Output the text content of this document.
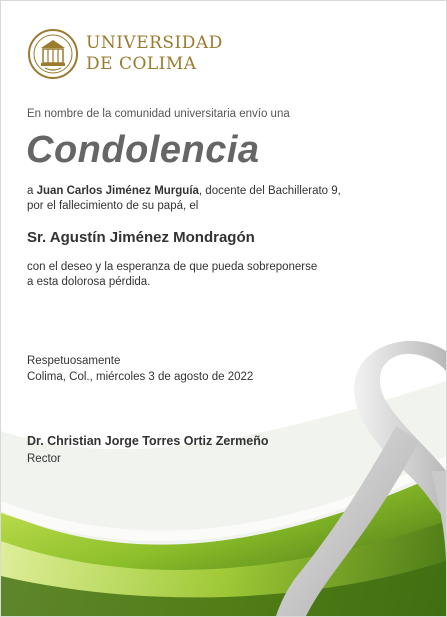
UNIVERSIDAD
DE COLIMA

En nombre de la comunidad universitaria envío una

Condolencia

a Juan Carlos Jiménez Murguía, docente del Bachillerato 9,

por el fallecimiento de su papá, el

Sr. Agustín Jiménez Mondragón

con el deseo y la esperanza de que pueda sobreponerse

a esta dolorosa pérdida.

Respetuosamente

Colima, Col., miércoles 3 de agosto de 2022

Dr. Christian Jorge Torres Ortiz Zermeño

Rector
